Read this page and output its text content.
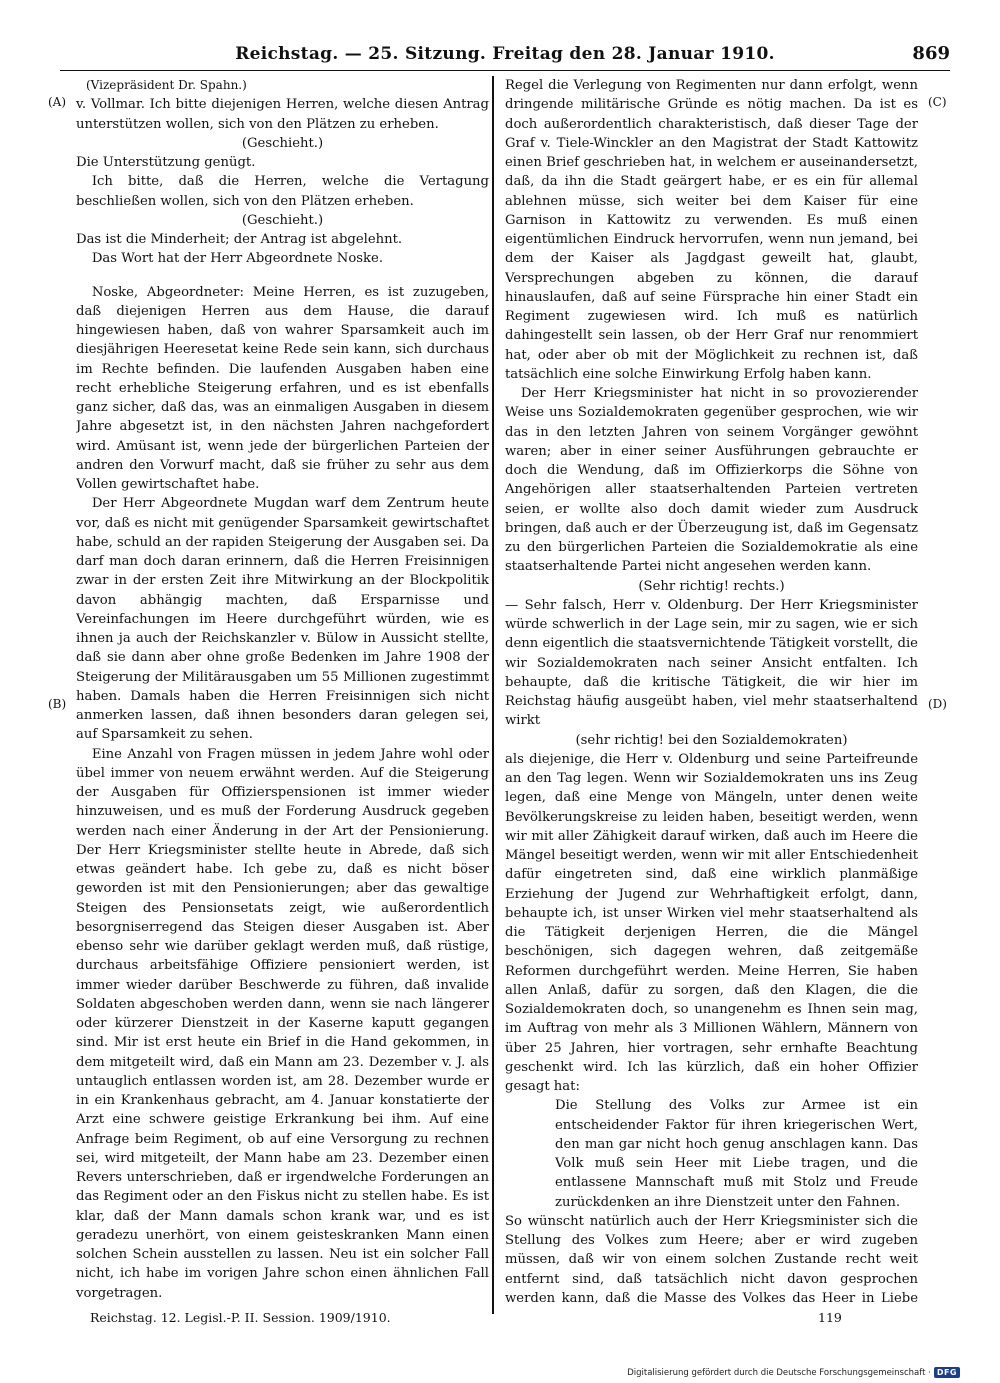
Reichstag. — 25. Sitzung. Freitag den 28. Januar 1910.	869
(A)
(B)
(C)
(D)

(Vizepräsident Dr. Spahn.)

v. Vollmar. Ich bitte diejenigen Herren, welche diesen Antrag unterstützen wollen, sich von den Plätzen zu erheben.

(Geschieht.)

Die Unterstützung genügt.

Ich bitte, daß die Herren, welche die Vertagung beschließen wollen, sich von den Plätzen erheben.

(Geschieht.)

Das ist die Minderheit; der Antrag ist abgelehnt.

Das Wort hat der Herr Abgeordnete Noske.

Noske, Abgeordneter: Meine Herren, es ist zuzugeben, daß diejenigen Herren aus dem Hause, die darauf hingewiesen haben, daß von wahrer Sparsamkeit auch im diesjährigen Heeresetat keine Rede sein kann, sich durchaus im Rechte befinden. Die laufenden Ausgaben haben eine recht erhebliche Steigerung erfahren, und es ist ebenfalls ganz sicher, daß das, was an einmaligen Ausgaben in diesem Jahre abgesetzt ist, in den nächsten Jahren nachgefordert wird. Amüsant ist, wenn jede der bürgerlichen Parteien der andren den Vorwurf macht, daß sie früher zu sehr aus dem Vollen gewirtschaftet habe.

Der Herr Abgeordnete Mugdan warf dem Zentrum heute vor, daß es nicht mit genügender Sparsamkeit gewirtschaftet habe, schuld an der rapiden Steigerung der Ausgaben sei. Da darf man doch daran erinnern, daß die Herren Freisinnigen zwar in der ersten Zeit ihre Mitwirkung an der Blockpolitik davon abhängig machten, daß Ersparnisse und Vereinfachungen im Heere durchgeführt würden, wie es ihnen ja auch der Reichskanzler v. Bülow in Aussicht stellte, daß sie dann aber ohne große Bedenken im Jahre 1908 der Steigerung der Militärausgaben um 55 Millionen zugestimmt haben. Damals haben die Herren Freisinnigen sich nicht anmerken lassen, daß ihnen besonders daran gelegen sei, auf Sparsamkeit zu sehen.

Eine Anzahl von Fragen müssen in jedem Jahre wohl oder übel immer von neuem erwähnt werden. Auf die Steigerung der Ausgaben für Offizierspensionen ist immer wieder hinzuweisen, und es muß der Forderung Ausdruck gegeben werden nach einer Änderung in der Art der Pensionierung. Der Herr Kriegsminister stellte heute in Abrede, daß sich etwas geändert habe. Ich gebe zu, daß es nicht böser geworden ist mit den Pensionierungen; aber das gewaltige Steigen des Pensionsetats zeigt, wie außerordentlich besorgniserregend das Steigen dieser Ausgaben ist. Aber ebenso sehr wie darüber geklagt werden muß, daß rüstige, durchaus arbeitsfähige Offiziere pensioniert werden, ist immer wieder darüber Beschwerde zu führen, daß invalide Soldaten abgeschoben werden dann, wenn sie nach längerer oder kürzerer Dienstzeit in der Kaserne kaputt gegangen sind. Mir ist erst heute ein Brief in die Hand gekommen, in dem mitgeteilt wird, daß ein Mann am 23. Dezember v. J. als untauglich entlassen worden ist, am 28. Dezember wurde er in ein Krankenhaus gebracht, am 4. Januar konstatierte der Arzt eine schwere geistige Erkrankung bei ihm. Auf eine Anfrage beim Regiment, ob auf eine Versorgung zu rechnen sei, wird mitgeteilt, der Mann habe am 23. Dezember einen Revers unterschrieben, daß er irgendwelche Forderungen an das Regiment oder an den Fiskus nicht zu stellen habe. Es ist klar, daß der Mann damals schon krank war, und es ist geradezu unerhört, von einem geisteskranken Mann einen solchen Schein ausstellen zu lassen. Neu ist ein solcher Fall nicht, ich habe im vorigen Jahre schon einen ähnlichen Fall vorgetragen.

Regel die Verlegung von Regimenten nur dann erfolgt, wenn dringende militärische Gründe es nötig machen. Da ist es doch außerordentlich charakteristisch, daß dieser Tage der Graf v. Tiele-Winckler an den Magistrat der Stadt Kattowitz einen Brief geschrieben hat, in welchem er auseinandersetzt, daß, da ihn die Stadt geärgert habe, er es ein für allemal ablehnen müsse, sich weiter bei dem Kaiser für eine Garnison in Kattowitz zu verwenden. Es muß einen eigentümlichen Eindruck hervorrufen, wenn nun jemand, bei dem der Kaiser als Jagdgast geweilt hat, glaubt, Versprechungen abgeben zu können, die darauf hinauslaufen, daß auf seine Fürsprache hin einer Stadt ein Regiment zugewiesen wird. Ich muß es natürlich dahingestellt sein lassen, ob der Herr Graf nur renommiert hat, oder aber ob mit der Möglichkeit zu rechnen ist, daß tatsächlich eine solche Einwirkung Erfolg haben kann.

Der Herr Kriegsminister hat nicht in so provozierender Weise uns Sozialdemokraten gegenüber gesprochen, wie wir das in den letzten Jahren von seinem Vorgänger gewöhnt waren; aber in einer seiner Ausführungen gebrauchte er doch die Wendung, daß im Offizierkorps die Söhne von Angehörigen aller staatserhaltenden Parteien vertreten seien, er wollte also doch damit wieder zum Ausdruck bringen, daß auch er der Überzeugung ist, daß im Gegensatz zu den bürgerlichen Parteien die Sozialdemokratie als eine staatserhaltende Partei nicht angesehen werden kann.

(Sehr richtig! rechts.)

— Sehr falsch, Herr v. Oldenburg. Der Herr Kriegsminister würde schwerlich in der Lage sein, mir zu sagen, wie er sich denn eigentlich die staatsvernichtende Tätigkeit vorstellt, die wir Sozialdemokraten nach seiner Ansicht entfalten. Ich behaupte, daß die kritische Tätigkeit, die wir hier im Reichstag häufig ausgeübt haben, viel mehr staatserhaltend wirkt

(sehr richtig! bei den Sozialdemokraten)

als diejenige, die Herr v. Oldenburg und seine Parteifreunde an den Tag legen. Wenn wir Sozialdemokraten uns ins Zeug legen, daß eine Menge von Mängeln, unter denen weite Bevölkerungskreise zu leiden haben, beseitigt werden, wenn wir mit aller Zähigkeit darauf wirken, daß auch im Heere die Mängel beseitigt werden, wenn wir mit aller Entschiedenheit dafür eingetreten sind, daß eine wirklich planmäßige Erziehung der Jugend zur Wehrhaftigkeit erfolgt, dann, behaupte ich, ist unser Wirken viel mehr staatserhaltend als die Tätigkeit derjenigen Herren, die die Mängel beschönigen, sich dagegen wehren, daß zeitgemäße Reformen durchgeführt werden. Meine Herren, Sie haben allen Anlaß, dafür zu sorgen, daß den Klagen, die die Sozialdemokraten doch, so unangenehm es Ihnen sein mag, im Auftrag von mehr als 3 Millionen Wählern, Männern von über 25 Jahren, hier vortragen, sehr ernhafte Beachtung geschenkt wird. Ich las kürzlich, daß ein hoher Offizier gesagt hat:

Die Stellung des Volks zur Armee ist ein entscheidender Faktor für ihren kriegerischen Wert, den man gar nicht hoch genug anschlagen kann. Das Volk muß sein Heer mit Liebe tragen, und die entlassene Mannschaft muß mit Stolz und Freude zurückdenken an ihre Dienstzeit unter den Fahnen.

So wünscht natürlich auch der Herr Kriegsminister sich die Stellung des Volkes zum Heere; aber er wird zugeben müssen, daß wir von einem solchen Zustande recht weit entfernt sind, daß tatsächlich nicht davon gesprochen werden kann, daß die Masse des Volkes das Heer in Liebe

Reichstag. 12. Legisl.-P. II. Session. 1909/1910.	119
Digitalisierung gefördert durch die Deutsche Forschungsgemeinschaft · DFG
